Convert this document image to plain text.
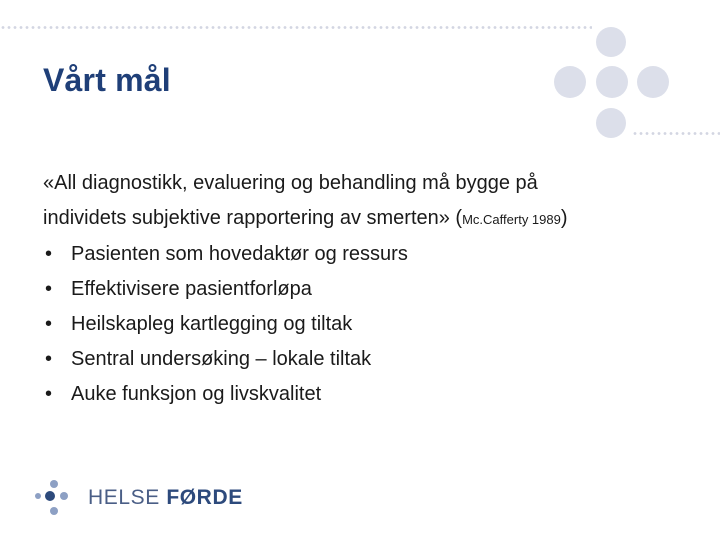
Vårt mål
«All diagnostikk, evaluering og behandling må bygge på
individets subjektive rapportering av smerten» (Mc.Cafferty 1989)
• Pasienten som hovedaktør og ressurs
• Effektivisere pasientforløpa
• Heilskapleg kartlegging og tiltak
• Sentral undersøking – lokale tiltak
• Auke funksjon og livskvalitet
HELSE FØRDE
